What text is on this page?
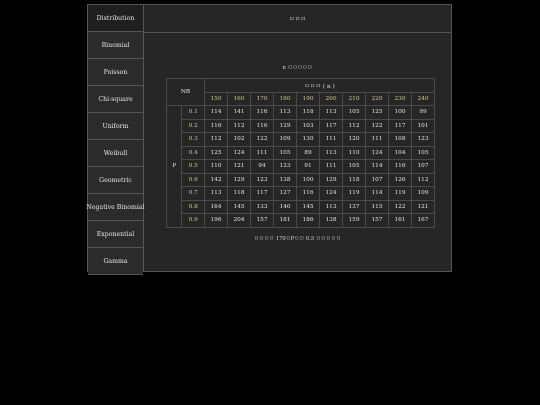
Distribution
Binomial
Poisson
Chi-square
Uniform
Weibull
Geometric
Negative Binomial
Exponential
Gamma
ㅁㅁㅁ
n ㅁㅁㅁㅁㅁ
NB		ㅁㅁㅁ ( n )									
		150	160	170	180	190	200	210	220	230	240
P	0.1	114	141	116	113	118	113	105	125	100	99
	0.2	116	112	116	129	103	117	112	122	117	101
	0.3	112	102	122	109	130	111	120	111	108	123
	0.4	125	124	111	105	89	113	110	124	104	105
	0.5	110	121	94	123	91	111	105	114	116	107
	0.6	142	129	123	138	100	129	118	107	126	112
	0.7	113	118	117	127	116	124	119	114	119	109
	0.8	164	145	133	140	145	113	137	115	122	121
	0.9	196	204	157	181	186	138	159	157	161	167
ㅁㅁㅁㅁ 170ㅁPㅁㅁ 0.5 ㅁㅁㅁㅁㅁ
